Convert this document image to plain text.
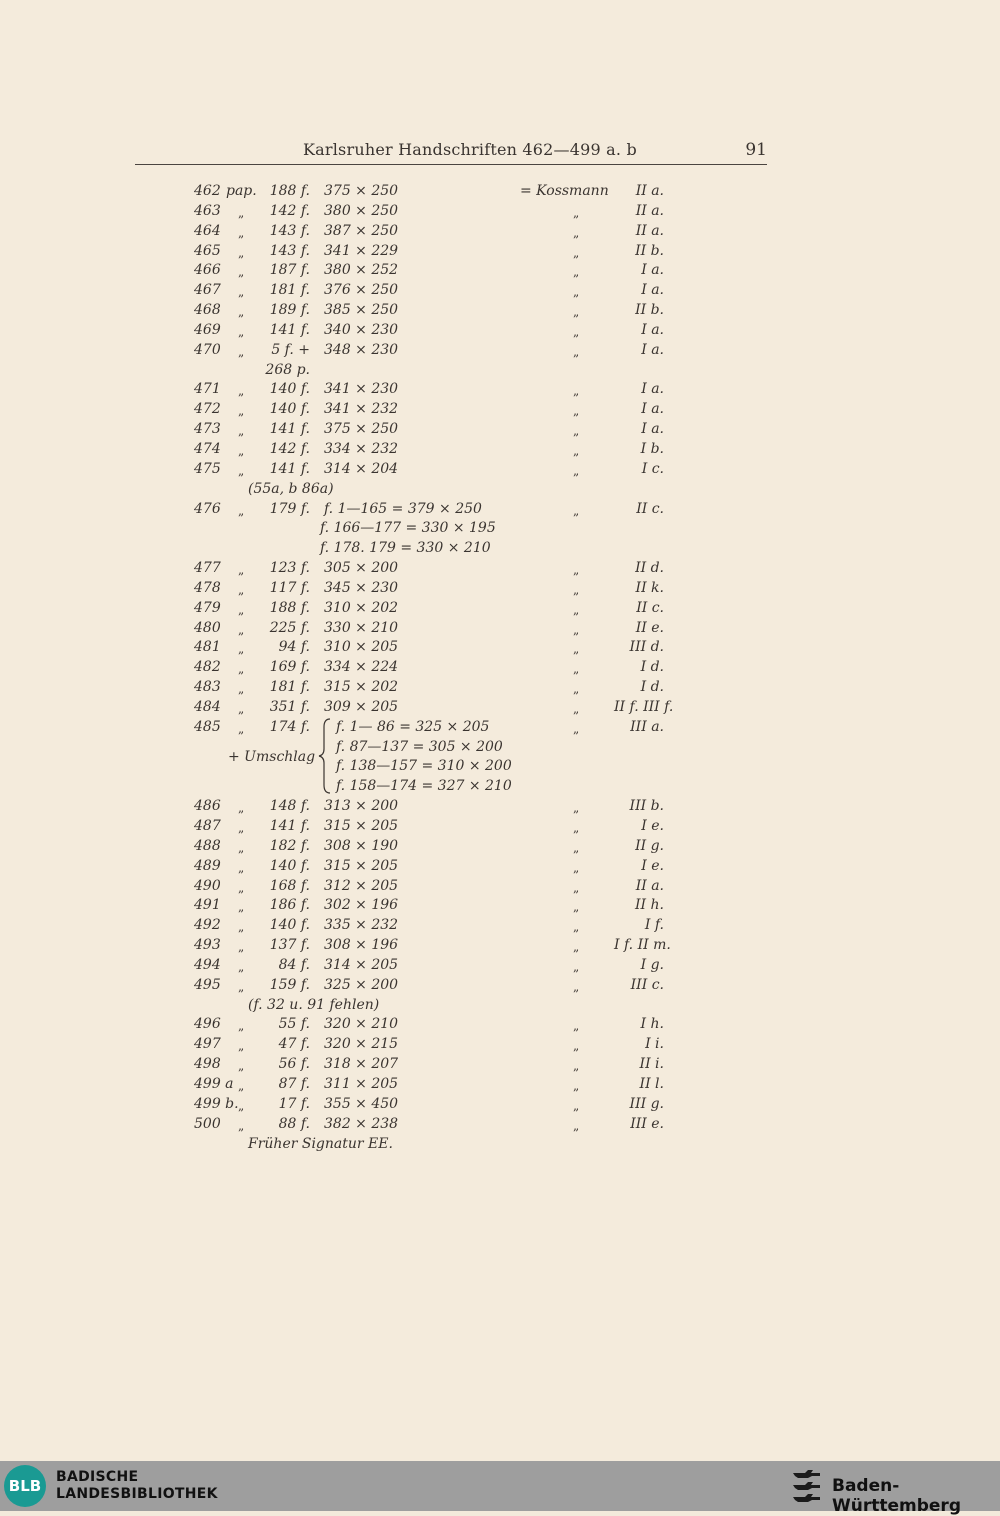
Karlsruher Handschriften 462—499 a. b	91
462 pap. 188 f. 375 ⨯ 250	= Kossmann	II a.
463 „	142 f. 380 ⨯ 250	„	II a.
464 „	143 f. 387 ⨯ 250	„	II a.
465 „	143 f. 341 ⨯ 229	„	II b.
466 „	187 f. 380 ⨯ 252	„	I a.
467 „	181 f. 376 ⨯ 250	„	I a.
468 „	189 f. 385 ⨯ 250	„	II b.
469 „	141 f. 340 ⨯ 230	„	I a.
470 „	5 f. + 348 ⨯ 230	„	I a.
268 p.
471 „	140 f. 341 ⨯ 230	„	I a.
472 „	140 f. 341 ⨯ 232	„	I a.
473 „	141 f. 375 ⨯ 250	„	I a.
474 „	142 f. 334 ⨯ 232	„	I b.
475 „	141 f. 314 ⨯ 204	„	I c.
(55a, b 86a)
476 „	179 f. f. 1—165 = 379 ⨯ 250	„	II c.
f. 166—177 = 330 ⨯ 195
f. 178. 179 = 330 ⨯ 210
477 „	123 f. 305 ⨯ 200	„	II d.
478 „	117 f. 345 ⨯ 230	„	II k.
479 „	188 f. 310 ⨯ 202	„	II c.
480 „	225 f. 330 ⨯ 210	„	II e.
481 „	94 f. 310 ⨯ 205	„	III d.
482 „	169 f. 334 ⨯ 224	„	I d.
483 „	181 f. 315 ⨯ 202	„	I d.
484 „	351 f. 309 ⨯ 205	„ II f. III f.
485 „	174 f. f. 1— 86 = 325 ⨯ 205	„	III a.
f. 87—137 = 305 ⨯ 200
+ Umschlag
f. 138—157 = 310 ⨯ 200
f. 158—174 = 327 ⨯ 210
486 „	148 f. 313 ⨯ 200	„	III b.
487 „	141 f. 315 ⨯ 205	„	I e.
488 „	182 f. 308 ⨯ 190	„	II g.
489 „	140 f. 315 ⨯ 205	„	I e.
490 „	168 f. 312 ⨯ 205	„	II a.
491 „	186 f. 302 ⨯ 196	„	II h.
492 „	140 f. 335 ⨯ 232	„	I f.
493 „	137 f. 308 ⨯ 196	„ I f. II m.
494 „	84 f. 314 ⨯ 205	„	I g.
495 „	159 f. 325 ⨯ 200	„	III c.
(f. 32 u. 91 fehlen)
496 „	55 f. 320 ⨯ 210	„	I h.
497 „	47 f. 320 ⨯ 215	„	I i.
498 „	56 f. 318 ⨯ 207	„	II i.
499 a „	87 f. 311 ⨯ 205	„	II l.
499 b. „	17 f. 355 ⨯ 450	„	III g.
500 „	88 f. 382 ⨯ 238	„	III e.
Früher Signatur EE.
BLB	BADISCHE
LANDESBIBLIOTHEK	Baden-Württemberg
